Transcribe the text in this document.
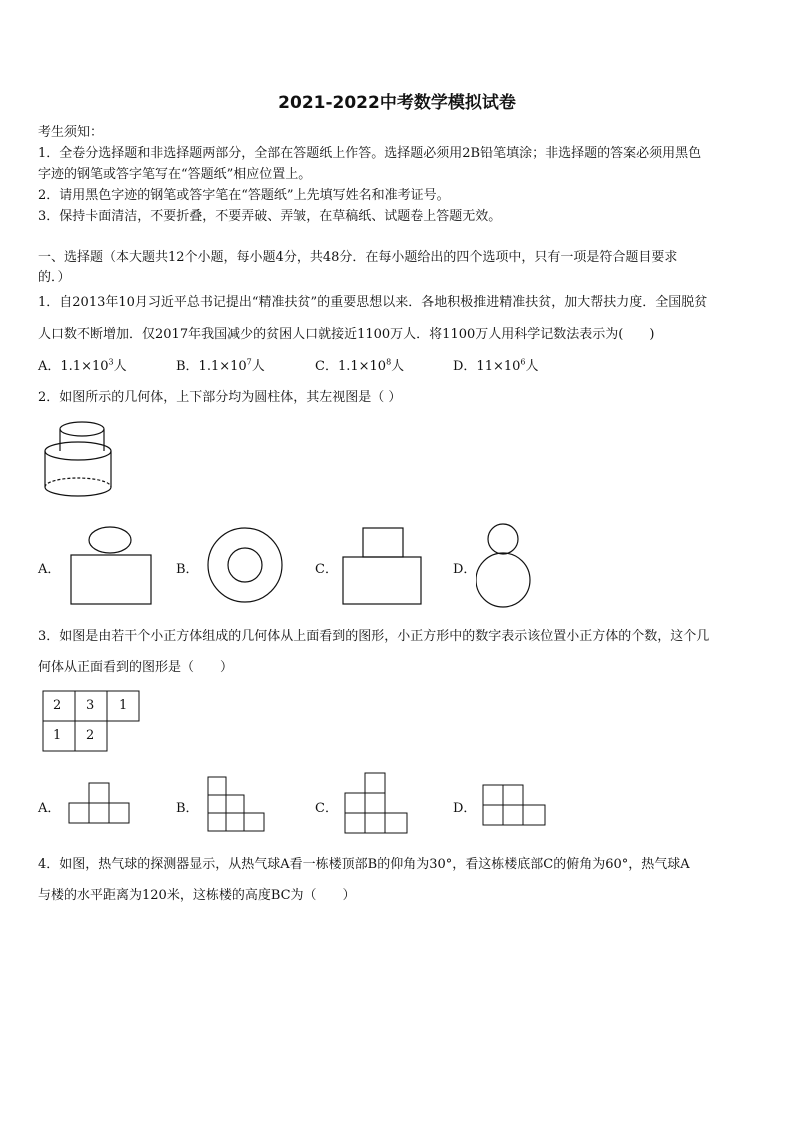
2021-2022中考数学模拟试卷
考生须知：
1．全卷分选择题和非选择题两部分，全部在答题纸上作答。选择题必须用2B铅笔填涂；非选择题的答案必须用黑色
字迹的钢笔或答字笔写在“答题纸”相应位置上。
2．请用黑色字迹的钢笔或答字笔在“答题纸”上先填写姓名和准考证号。
3．保持卡面清洁，不要折叠，不要弄破、弄皱，在草稿纸、试题卷上答题无效。
一、选择题（本大题共12个小题，每小题4分，共48分．在每小题给出的四个选项中，只有一项是符合题目要求
的．）
1．自2013年10月习近平总书记提出“精准扶贫”的重要思想以来．各地积极推进精准扶贫，加大帮扶力度．全国脱贫
人口数不断增加．仅2017年我国减少的贫困人口就接近1100万人．将1100万人用科学记数法表示为(　　)
A．$1.1\times 10^3$人	B．$1.1\times 10^7$人	C．$1.1\times 10^8$人	D．$11\times 10^6$人
2．如图所示的几何体，上下部分均为圆柱体，其左视图是（ ）
A．	B．	C．	D．
3．如图是由若干个小正方体组成的几何体从上面看到的图形，小正方形中的数字表示该位置小正方体的个数，这个几
何体从正面看到的图形是（　　）
2 3 1
1 2
A．	B．	C．	D．
4．如图，热气球的探测器显示，从热气球A看一栋楼顶部B的仰角为30°，看这栋楼底部C的俯角为60°，热气球A
与楼的水平距离为120米，这栋楼的高度BC为（　　）
